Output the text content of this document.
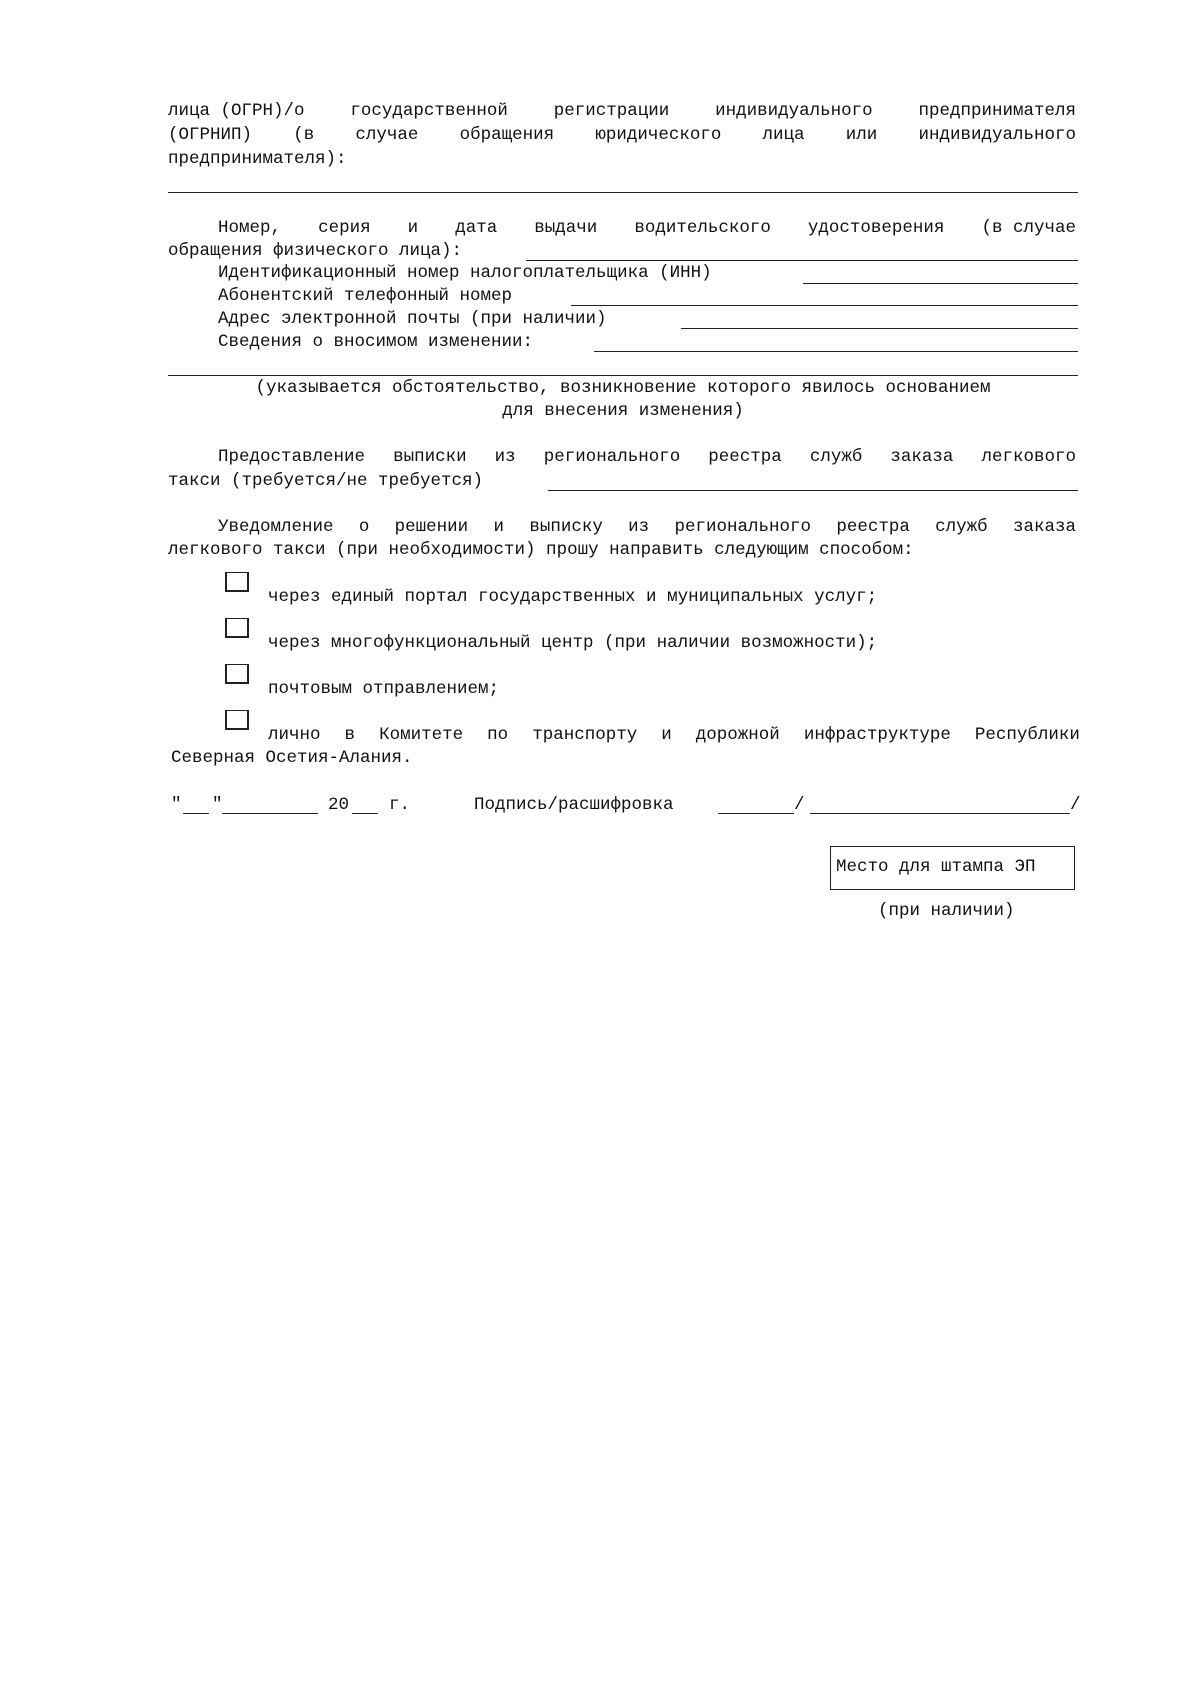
лица (ОГРН)/о	государственной	регистрации	индивидуального	предпринимателя
(ОГРНИП) (в случае обращения юридического лица или индивидуального
предпринимателя):
Номер, серия и дата выдачи водительского удостоверения (в случае
обращения физического лица):
Идентификационный номер налогоплательщика (ИНН)
Абонентский телефонный номер
Адрес электронной почты (при наличии)
Сведения о вносимом изменении:
(указывается обстоятельство, возникновение которого явилось основанием
для внесения изменения)
Предоставление выписки из регионального реестра служб заказа легкового
такси (требуется/не требуется)
Уведомление о решении и выписку из регионального реестра служб заказа
легкового такси (при необходимости) прошу направить следующим способом:
через единый портал государственных и муниципальных услуг;
через многофункциональный центр (при наличии возможности);
почтовым отправлением;
лично в Комитете по транспорту и дорожной инфраструктуре Республики
Северная Осетия-Алания.
" "	20 г.	Подпись/расшифровка	/	/
Место для штампа ЭП
(при наличии)
